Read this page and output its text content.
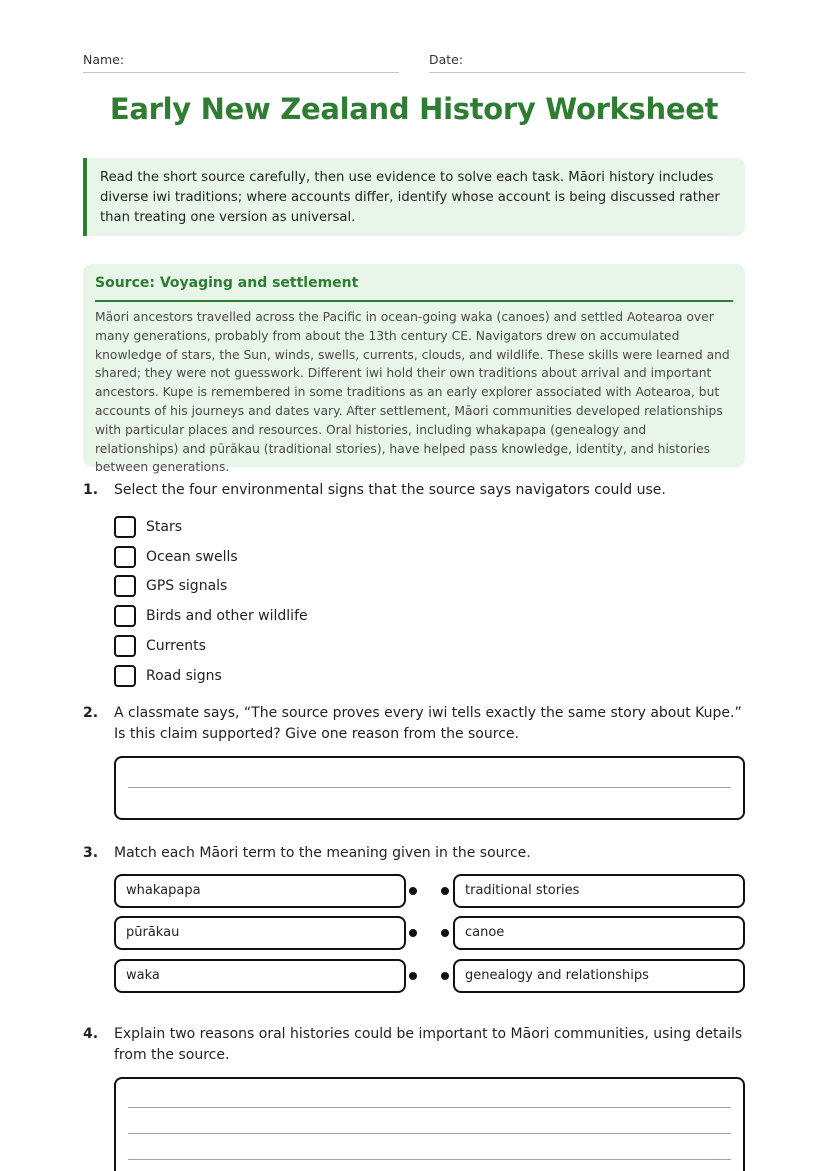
Name:	Date:
Early New Zealand History Worksheet
Read the short source carefully, then use evidence to solve each task. Māori history includes diverse iwi traditions; where accounts differ, identify whose account is being discussed rather than treating one version as universal.
Source: Voyaging and settlement

Māori ancestors travelled across the Pacific in ocean-going waka (canoes) and settled Aotearoa over many generations, probably from about the 13th century CE. Navigators drew on accumulated knowledge of stars, the Sun, winds, swells, currents, clouds, and wildlife. These skills were learned and shared; they were not guesswork. Different iwi hold their own traditions about arrival and important ancestors. Kupe is remembered in some traditions as an early explorer associated with Aotearoa, but accounts of his journeys and dates vary. After settlement, Māori communities developed relationships with particular places and resources. Oral histories, including whakapapa (genealogy and relationships) and pūrākau (traditional stories), have helped pass knowledge, identity, and histories between generations.

1. Select the four environmental signs that the source says navigators could use.
Stars
Ocean swells
GPS signals
Birds and other wildlife
Currents
Road signs
2. A classmate says, “The source proves every iwi tells exactly the same story about Kupe.” Is this claim supported? Give one reason from the source.
3. Match each Māori term to the meaning given in the source.
whakapapa	traditional stories
pūrākau	canoe
waka	genealogy and relationships
4. Explain two reasons oral histories could be important to Māori communities, using details from the source.
